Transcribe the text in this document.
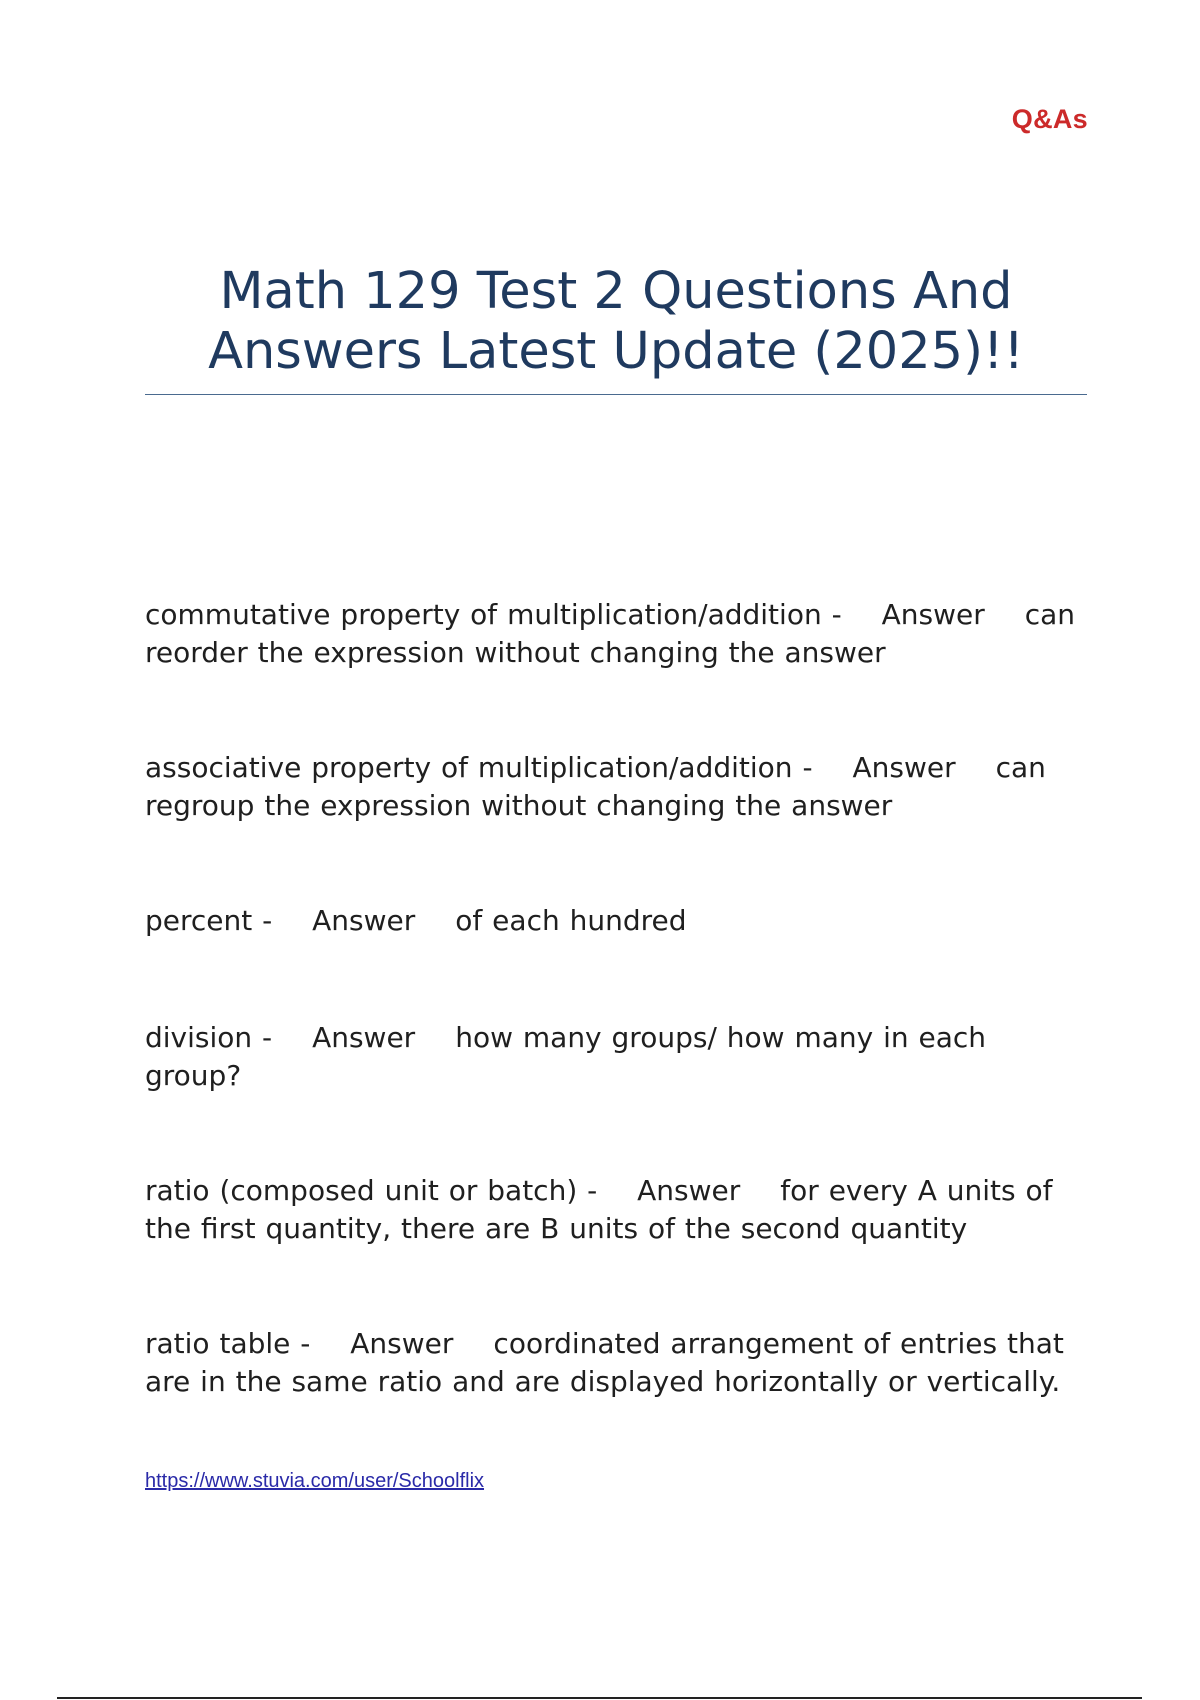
Q&As
Math 129 Test 2 Questions And Answers Latest Update (2025)!!

commutative property of multiplication/addition - Answer can reorder the expression without changing the answer

associative property of multiplication/addition - Answer can regroup the expression without changing the answer

percent - Answer of each hundred

division - Answer how many groups/ how many in each group?

ratio (composed unit or batch) - Answer for every A units of the first quantity, there are B units of the second quantity

ratio table - Answer coordinated arrangement of entries that are in the same ratio and are displayed horizontally or vertically.

https://www.stuvia.com/user/Schoolflix
